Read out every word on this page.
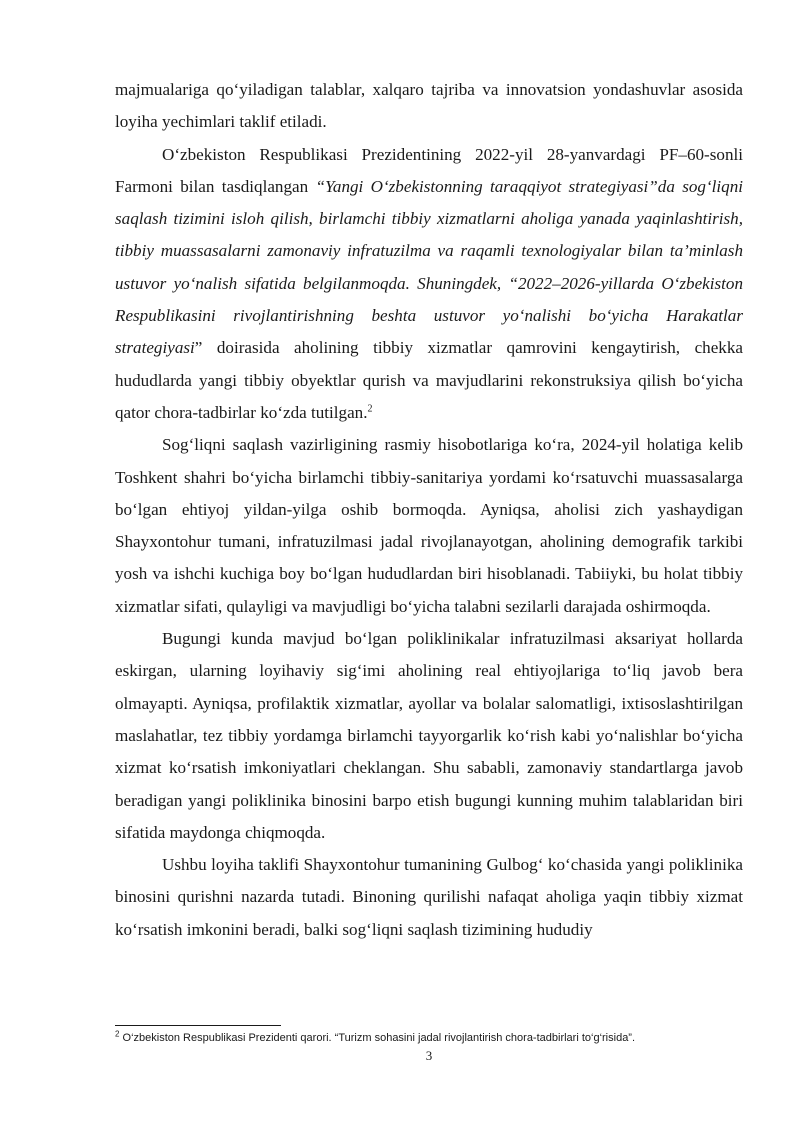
majmualariga qo‘yiladigan talablar, xalqaro tajriba va innovatsion yondashuvlar asosida loyiha yechimlari taklif etiladi.

O‘zbekiston Respublikasi Prezidentining 2022-yil 28-yanvardagi PF–60-sonli Farmoni bilan tasdiqlangan “Yangi O‘zbekistonning taraqqiyot strategiyasi”da sog‘liqni saqlash tizimini isloh qilish, birlamchi tibbiy xizmatlarni aholiga yanada yaqinlashtirish, tibbiy muassasalarni zamonaviy infratuzilma va raqamli texnologiyalar bilan ta’minlash ustuvor yo‘nalish sifatida belgilanmoqda. Shuningdek, “2022–2026-yillarda O‘zbekiston Respublikasini rivojlantirishning beshta ustuvor yo‘nalishi bo‘yicha Harakatlar strategiyasi” doirasida aholining tibbiy xizmatlar qamrovini kengaytirish, chekka hududlarda yangi tibbiy obyektlar qurish va mavjudlarini rekonstruksiya qilish bo‘yicha qator chora-tadbirlar ko‘zda tutilgan.$^2$

Sog‘liqni saqlash vazirligining rasmiy hisobotlariga ko‘ra, 2024-yil holatiga kelib Toshkent shahri bo‘yicha birlamchi tibbiy-sanitariya yordami ko‘rsatuvchi muassasalarga bo‘lgan ehtiyoj yildan-yilga oshib bormoqda. Ayniqsa, aholisi zich yashaydigan Shayxontohur tumani, infratuzilmasi jadal rivojlanayotgan, aholining demografik tarkibi yosh va ishchi kuchiga boy bo‘lgan hududlardan biri hisoblanadi. Tabiiyki, bu holat tibbiy xizmatlar sifati, qulayligi va mavjudligi bo‘yicha talabni sezilarli darajada oshirmoqda.

Bugungi kunda mavjud bo‘lgan poliklinikalar infratuzilmasi aksariyat hollarda eskirgan, ularning loyihaviy sig‘imi aholining real ehtiyojlariga to‘liq javob bera olmayapti. Ayniqsa, profilaktik xizmatlar, ayollar va bolalar salomatligi, ixtisoslashtirilgan maslahatlar, tez tibbiy yordamga birlamchi tayyorgarlik ko‘rish kabi yo‘nalishlar bo‘yicha xizmat ko‘rsatish imkoniyatlari cheklangan. Shu sababli, zamonaviy standartlarga javob beradigan yangi poliklinika binosini barpo etish bugungi kunning muhim talablaridan biri sifatida maydonga chiqmoqda.

Ushbu loyiha taklifi Shayxontohur tumanining Gulbog‘ ko‘chasida yangi poliklinika binosini qurishni nazarda tutadi. Binoning qurilishi nafaqat aholiga yaqin tibbiy xizmat ko‘rsatish imkonini beradi, balki sog‘liqni saqlash tizimining hududiy

$^2$ O‘zbekiston Respublikasi Prezidenti qarori. “Turizm sohasini jadal rivojlantirish chora-tadbirlari to‘g‘risida”.
3
